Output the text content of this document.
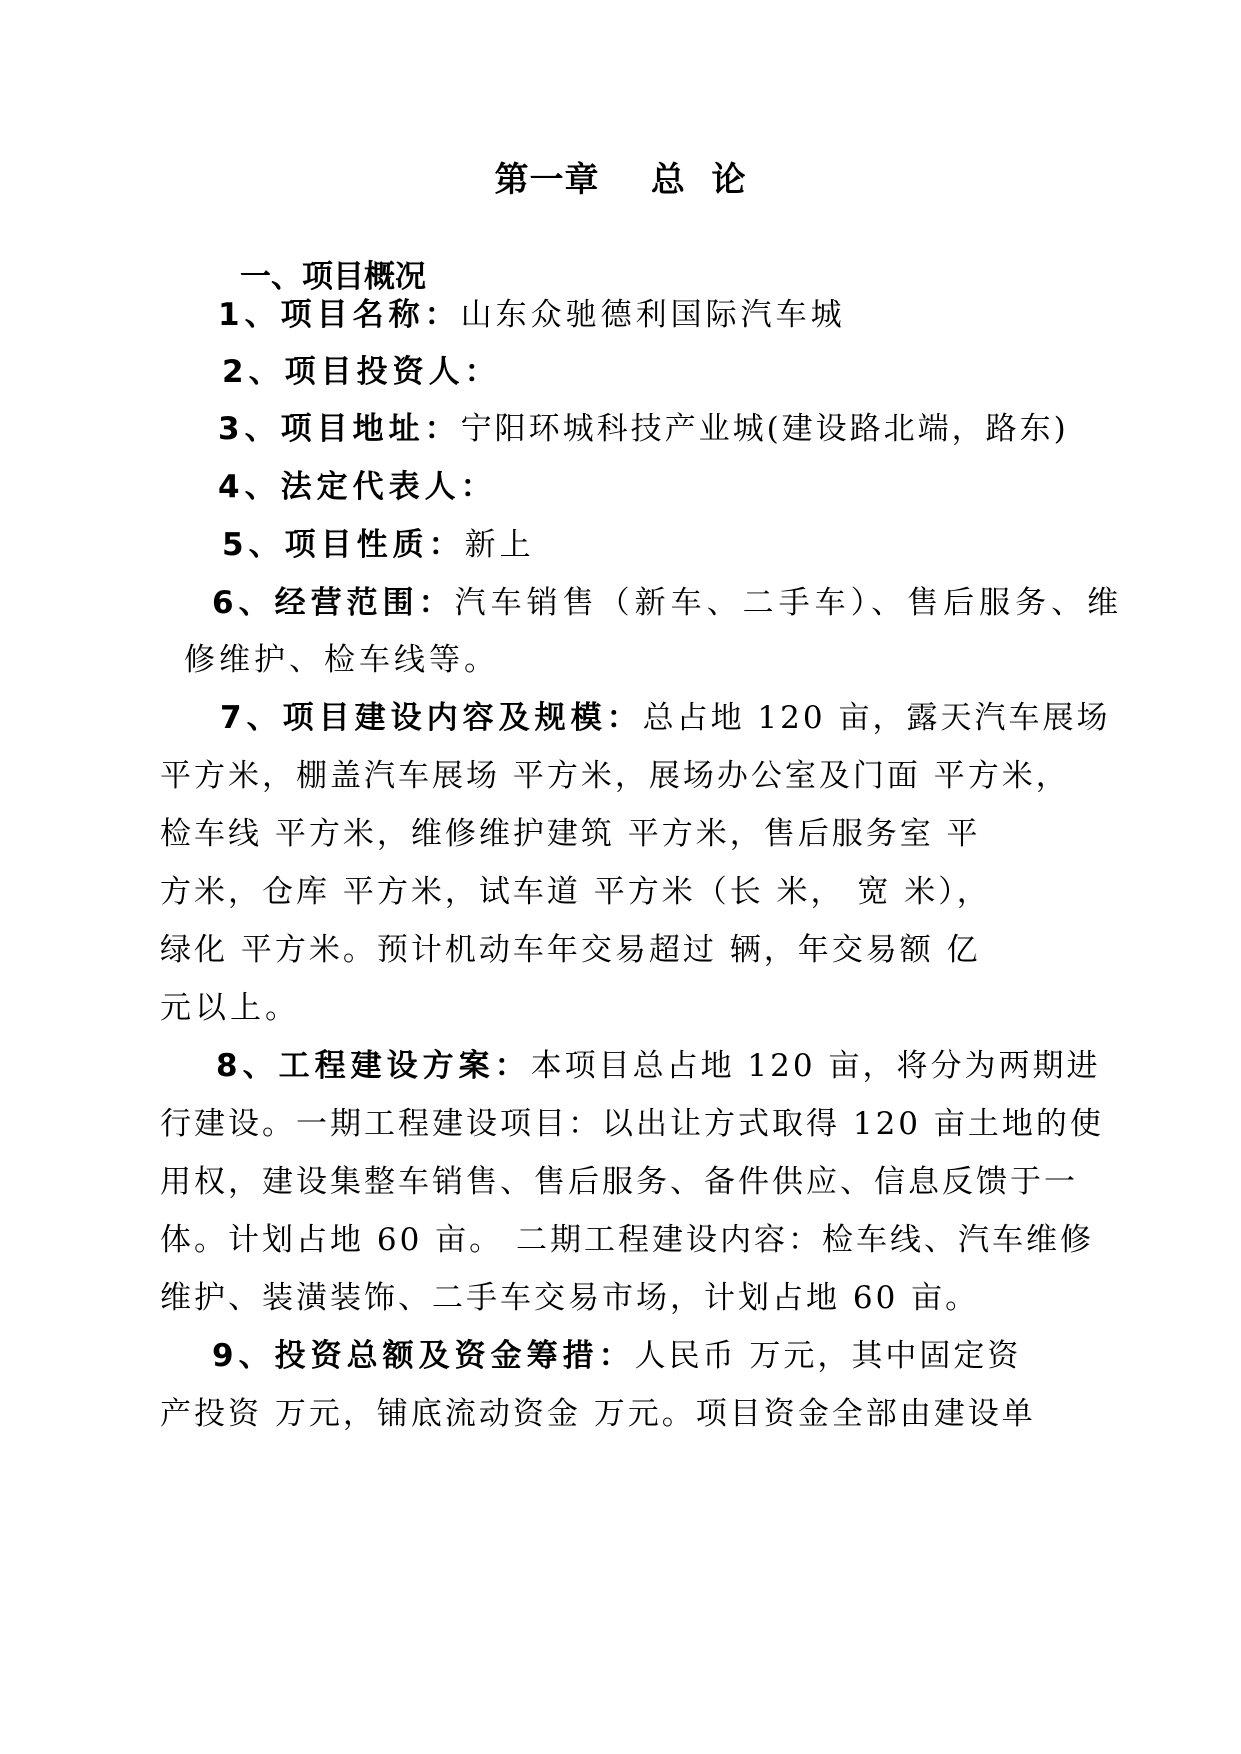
第一章    总  论
一、项目概况
1、项目名称：山东众驰德利国际汽车城
2、项目投资人：
3、项目地址：宁阳环城科技产业城(建设路北端，路东)
4、法定代表人：
5、项目性质：新上
6、经营范围：汽车销售（新车、二手车）、售后服务、维
修维护、检车线等。
7、项目建设内容及规模：总占地 120 亩，露天汽车展场
平方米，棚盖汽车展场 平方米，展场办公室及门面 平方米，
检车线 平方米，维修维护建筑 平方米，售后服务室 平
方米，仓库 平方米，试车道 平方米（长 米， 宽 米），
绿化 平方米。预计机动车年交易超过 辆，年交易额 亿
元以上。
8、工程建设方案：本项目总占地 120 亩，将分为两期进
行建设。一期工程建设项目：以出让方式取得 120 亩土地的使
用权，建设集整车销售、售后服务、备件供应、信息反馈于一
体。计划占地 60 亩。 二期工程建设内容：检车线、汽车维修
维护、装潢装饰、二手车交易市场，计划占地 60 亩。
9、投资总额及资金筹措：人民币 万元，其中固定资
产投资 万元，铺底流动资金 万元。项目资金全部由建设单
